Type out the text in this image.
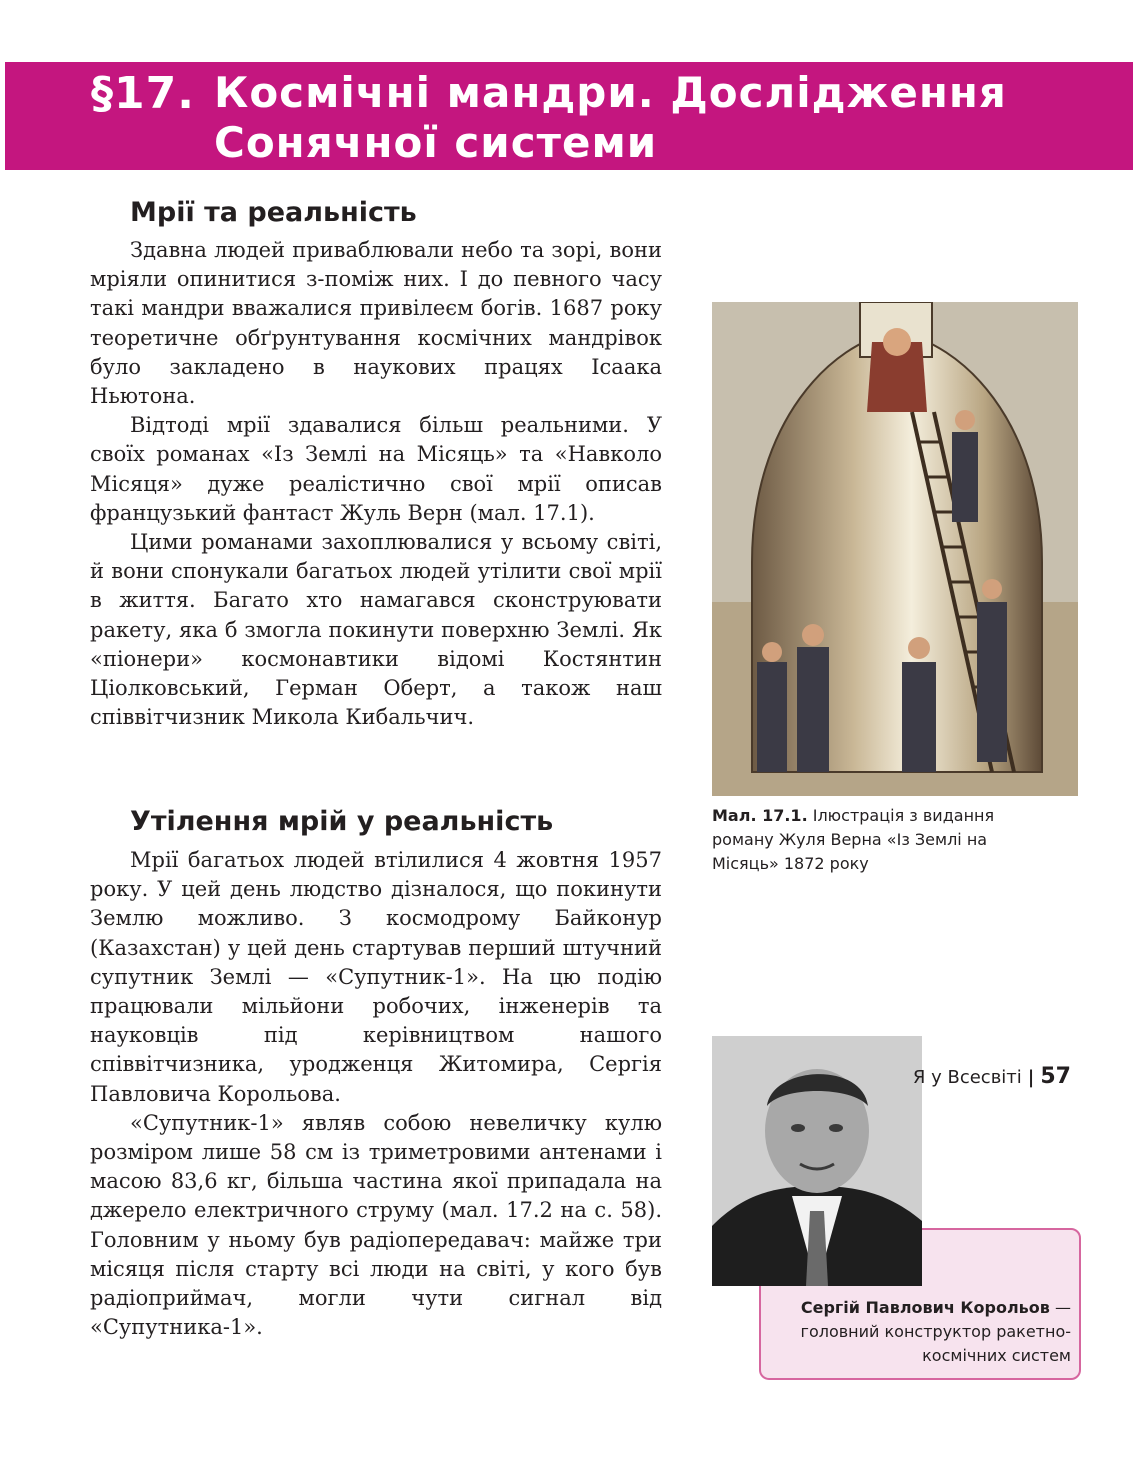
§17. Космічні мандри. Дослідження
Сонячної системи
Мрії та реальність

Здавна людей приваблювали небо та зорі, вони мріяли опинитися з-поміж них. І до певного часу такі мандри вважалися привілеєм богів. 1687 року теоретичне обґрунтування космічних мандрівок було закладено в наукових працях Ісаака Ньютона.

Відтоді мрії здавалися більш реальними. У своїх романах «Із Землі на Місяць» та «Навколо Місяця» дуже реалістично свої мрії описав французький фантаст Жуль Верн (мал. 17.1).

Цими романами захоплювалися у всьому світі, й вони спонукали багатьох людей утілити свої мрії в життя. Багато хто намагався сконструювати ракету, яка б змогла покинути поверхню Землі. Як «піонери» космонавтики відомі Костянтин Ціолковський, Герман Оберт, а також наш співвітчизник Микола Кибальчич.

Утілення мрій у реальність

Мрії багатьох людей втілилися 4 жовтня 1957 року. У цей день людство дізналося, що покинути Землю можливо. З космодрому Байконур (Казахстан) у цей день стартував перший штучний супутник Землі — «Супутник-1». На цю подію працювали мільйони робочих, інженерів та науковців під керівництвом нашого співвітчизника, уродженця Житомира, Сергія Павловича Корольова.

«Супутник-1» являв собою невеличку кулю розміром лише 58 см із триметровими антенами і масою 83,6 кг, більша частина якої припадала на джерело електричного струму (мал. 17.2 на с. 58). Головним у ньому був радіопередавач: майже три місяця після старту всі люди на світі, у кого був радіоприймач, могли чути сигнал від «Супутника-1».

Мал. 17.1. Ілюстрація з видання роману Жуля Верна «Із Землі на Місяць» 1872 року
Сергій Павлович Корольов — головний конструктор ракетно-космічних систем
Я у Всесвіті | 57
